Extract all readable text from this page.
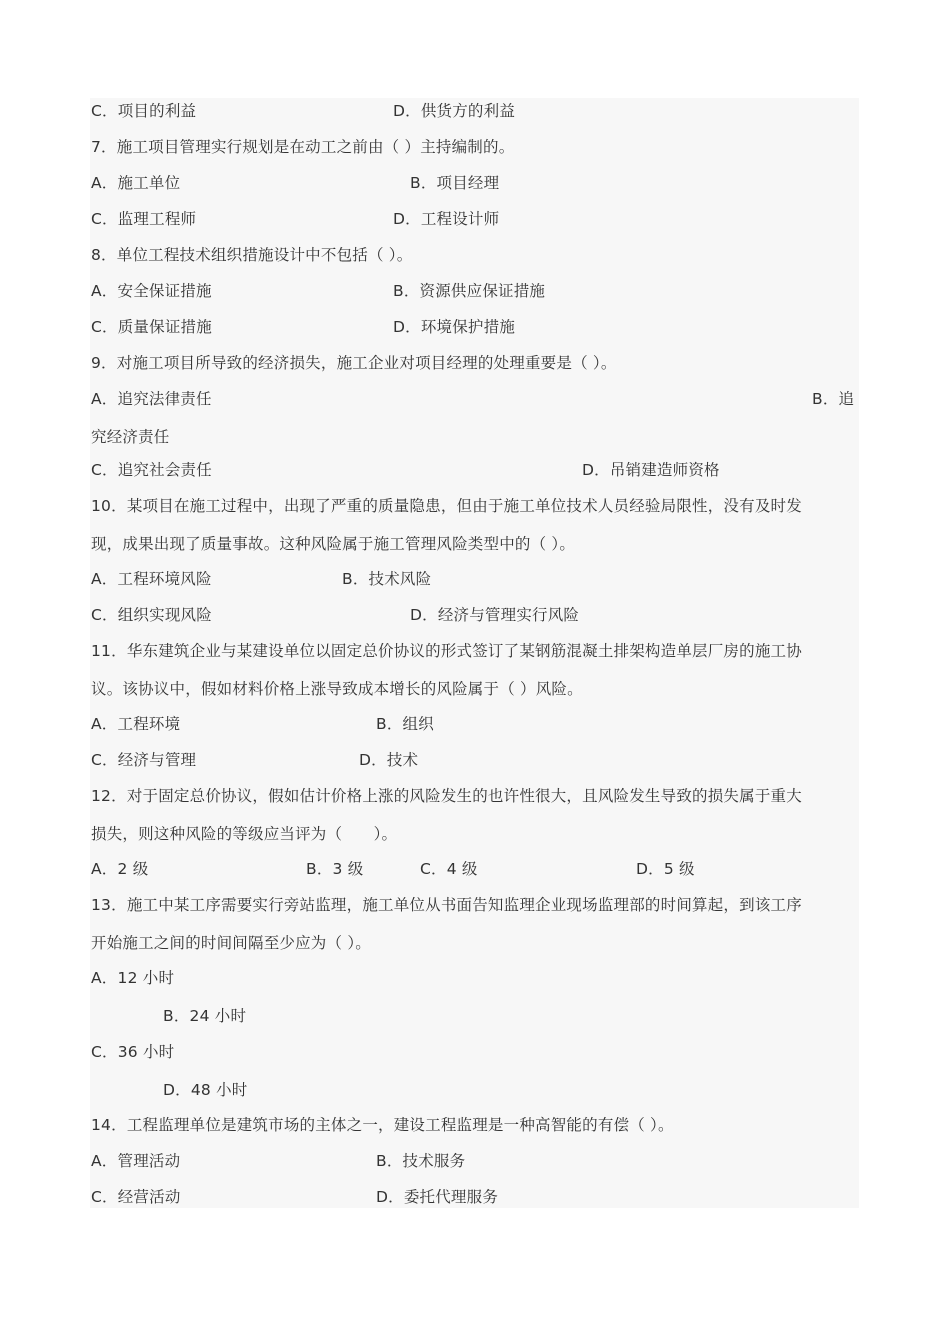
C．项目的利益	D．供货方的利益
7．施工项目管理实行规划是在动工之前由（ ）主持编制的。
A．施工单位	B．项目经理
C．监理工程师	D．工程设计师
8．单位工程技术组织措施设计中不包括（ ）。
A．安全保证措施	B．资源供应保证措施
C．质量保证措施	D．环境保护措施
9．对施工项目所导致的经济损失，施工企业对项目经理的处理重要是（ ）。
A．追究法律责任	B．追
究经济责任
C．追究社会责任	D．吊销建造师资格
10．某项目在施工过程中，出现了严重的质量隐患，但由于施工单位技术人员经验局限性，没有及时发
现，成果出现了质量事故。这种风险属于施工管理风险类型中的（ ）。
A．工程环境风险	B．技术风险
C．组织实现风险	D．经济与管理实行风险
11．华东建筑企业与某建设单位以固定总价协议的形式签订了某钢筋混凝土排架构造单层厂房的施工协
议。该协议中，假如材料价格上涨导致成本增长的风险属于（ ）风险。
A．工程环境	B．组织
C．经济与管理	D．技术
12．对于固定总价协议，假如估计价格上涨的风险发生的也许性很大，且风险发生导致的损失属于重大
损失，则这种风险的等级应当评为（　　）。
A．2 级	B．3 级	C．4 级	D．5 级
13．施工中某工序需要实行旁站监理，施工单位从书面告知监理企业现场监理部的时间算起，到该工序
开始施工之间的时间间隔至少应为（ ）。
A．12 小时
B．24 小时
C．36 小时
D．48 小时
14．工程监理单位是建筑市场的主体之一，建设工程监理是一种高智能的有偿（ ）。
A．管理活动	B．技术服务
C．经营活动	D．委托代理服务
